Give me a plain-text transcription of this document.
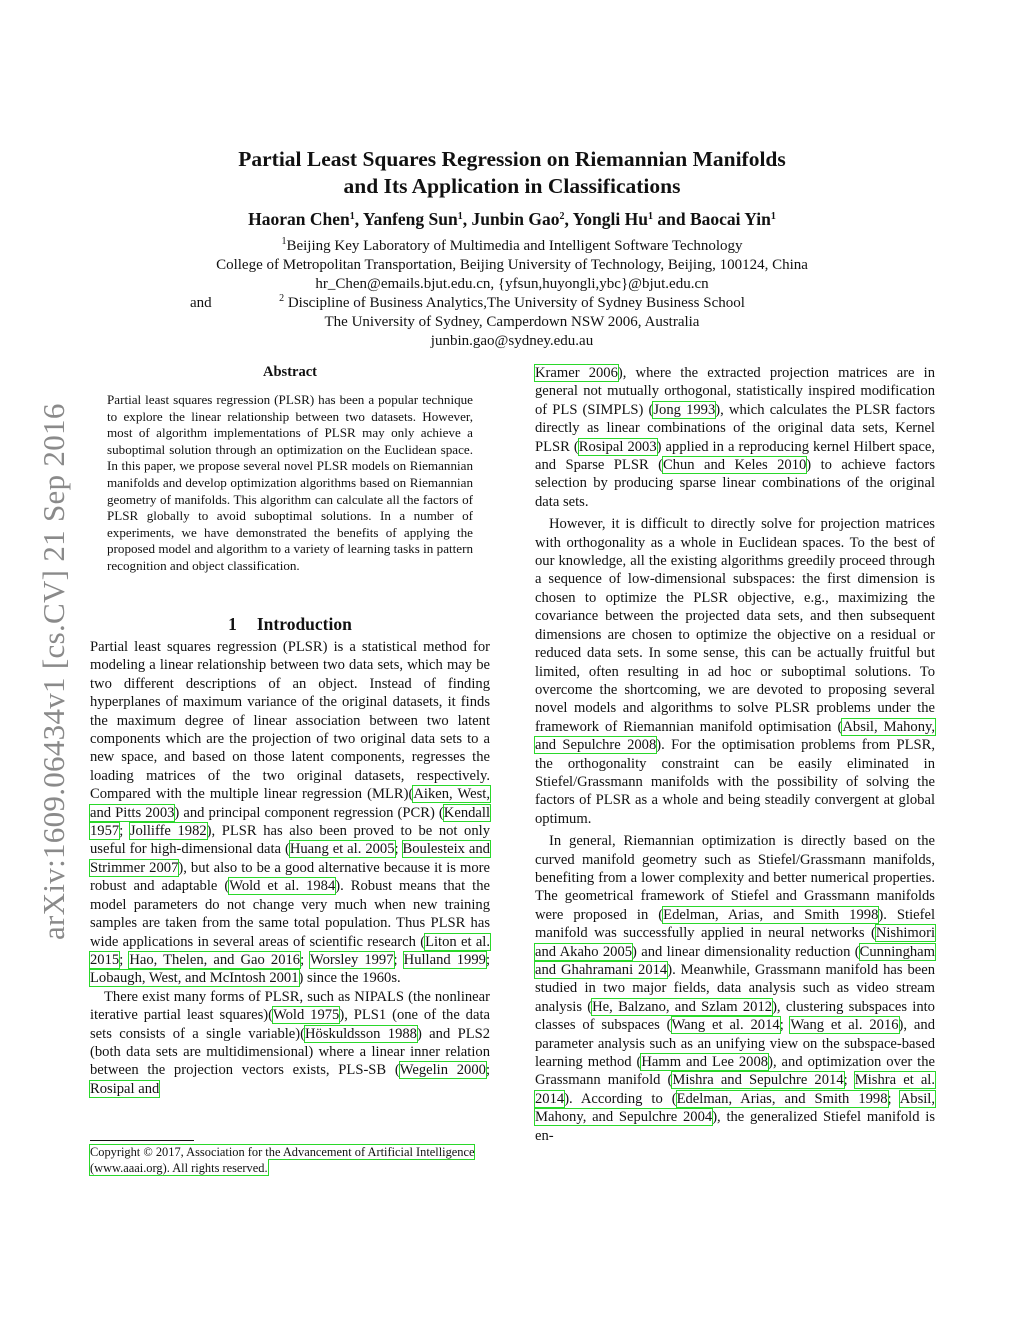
arXiv:1609.06434v1 [cs.CV] 21 Sep 2016
Partial Least Squares Regression on Riemannian Manifolds
and Its Application in Classifications
Haoran Chen$^1$, Yanfeng Sun$^1$, Junbin Gao$^2$, Yongli Hu$^1$ and Baocai Yin$^1$
$^1$Beijing Key Laboratory of Multimedia and Intelligent Software Technology
College of Metropolitan Transportation, Beijing University of Technology, Beijing, 100124, China
hr_Chen@emails.bjut.edu.cn, {yfsun,huyongli,ybc}@bjut.edu.cn
and	$^2$ Discipline of Business Analytics,The University of Sydney Business School
The University of Sydney, Camperdown NSW 2006, Australia
junbin.gao@sydney.edu.au
Abstract
Partial least squares regression (PLSR) has been a popular technique to explore the linear relationship between two datasets. However, most of algorithm implementations of PLSR may only achieve a suboptimal solution through an optimization on the Euclidean space. In this paper, we propose several novel PLSR models on Riemannian manifolds and develop optimization algorithms based on Riemannian geometry of manifolds. This algorithm can calculate all the factors of PLSR globally to avoid suboptimal solutions. In a number of experiments, we have demonstrated the benefits of applying the proposed model and algorithm to a variety of learning tasks in pattern recognition and object classification.
1 Introduction

Partial least squares regression (PLSR) is a statistical method for modeling a linear relationship between two data sets, which may be two different descriptions of an object. Instead of finding hyperplanes of maximum variance of the original datasets, it finds the maximum degree of linear association between two latent components which are the projection of two original data sets to a new space, and based on those latent components, regresses the loading matrices of the two original datasets, respectively. Compared with the multiple linear regression (MLR)(Aiken, West, and Pitts 2003) and principal component regression (PCR) (Kendall 1957; Jolliffe 1982), PLSR has also been proved to be not only useful for high-dimensional data (Huang et al. 2005; Boulesteix and Strimmer 2007), but also to be a good alternative because it is more robust and adaptable (Wold et al. 1984). Robust means that the model parameters do not change very much when new training samples are taken from the same total population. Thus PLSR has wide applications in several areas of scientific research (Liton et al. 2015; Hao, Thelen, and Gao 2016; Worsley 1997; Hulland 1999; Lobaugh, West, and McIntosh 2001) since the 1960s.

There exist many forms of PLSR, such as NIPALS (the nonlinear iterative partial least squares)(Wold 1975), PLS1 (one of the data sets consists of a single variable)(Höskuldsson 1988) and PLS2 (both data sets are multidimensional) where a linear inner relation between the projection vectors exists, PLS-SB (Wegelin 2000; Rosipal and

Copyright © 2017, Association for the Advancement of Artificial Intelligence (www.aaai.org). All rights reserved.

Kramer 2006), where the extracted projection matrices are in general not mutually orthogonal, statistically inspired modification of PLS (SIMPLS) (Jong 1993), which calculates the PLSR factors directly as linear combinations of the original data sets, Kernel PLSR (Rosipal 2003) applied in a reproducing kernel Hilbert space, and Sparse PLSR (Chun and Keles 2010) to achieve factors selection by producing sparse linear combinations of the original data sets.

However, it is difficult to directly solve for projection matrices with orthogonality as a whole in Euclidean spaces. To the best of our knowledge, all the existing algorithms greedily proceed through a sequence of low-dimensional subspaces: the first dimension is chosen to optimize the PLSR objective, e.g., maximizing the covariance between the projected data sets, and then subsequent dimensions are chosen to optimize the objective on a residual or reduced data sets. In some sense, this can be actually fruitful but limited, often resulting in ad hoc or suboptimal solutions. To overcome the shortcoming, we are devoted to proposing several novel models and algorithms to solve PLSR problems under the framework of Riemannian manifold optimisation (Absil, Mahony, and Sepulchre 2008). For the optimisation problems from PLSR, the orthogonality constraint can be easily eliminated in Stiefel/Grassmann manifolds with the possibility of solving the factors of PLSR as a whole and being steadily convergent at global optimum.

In general, Riemannian optimization is directly based on the curved manifold geometry such as Stiefel/Grassmann manifolds, benefiting from a lower complexity and better numerical properties. The geometrical framework of Stiefel and Grassmann manifolds were proposed in (Edelman, Arias, and Smith 1998). Stiefel manifold was successfully applied in neural networks (Nishimori and Akaho 2005) and linear dimensionality reduction (Cunningham and Ghahramani 2014). Meanwhile, Grassmann manifold has been studied in two major fields, data analysis such as video stream analysis (He, Balzano, and Szlam 2012), clustering subspaces into classes of subspaces (Wang et al. 2014; Wang et al. 2016), and parameter analysis such as an unifying view on the subspace-based learning method (Hamm and Lee 2008), and optimization over the Grassmann manifold (Mishra and Sepulchre 2014; Mishra et al. 2014). According to (Edelman, Arias, and Smith 1998; Absil, Mahony, and Sepulchre 2004), the generalized Stiefel manifold is en-
